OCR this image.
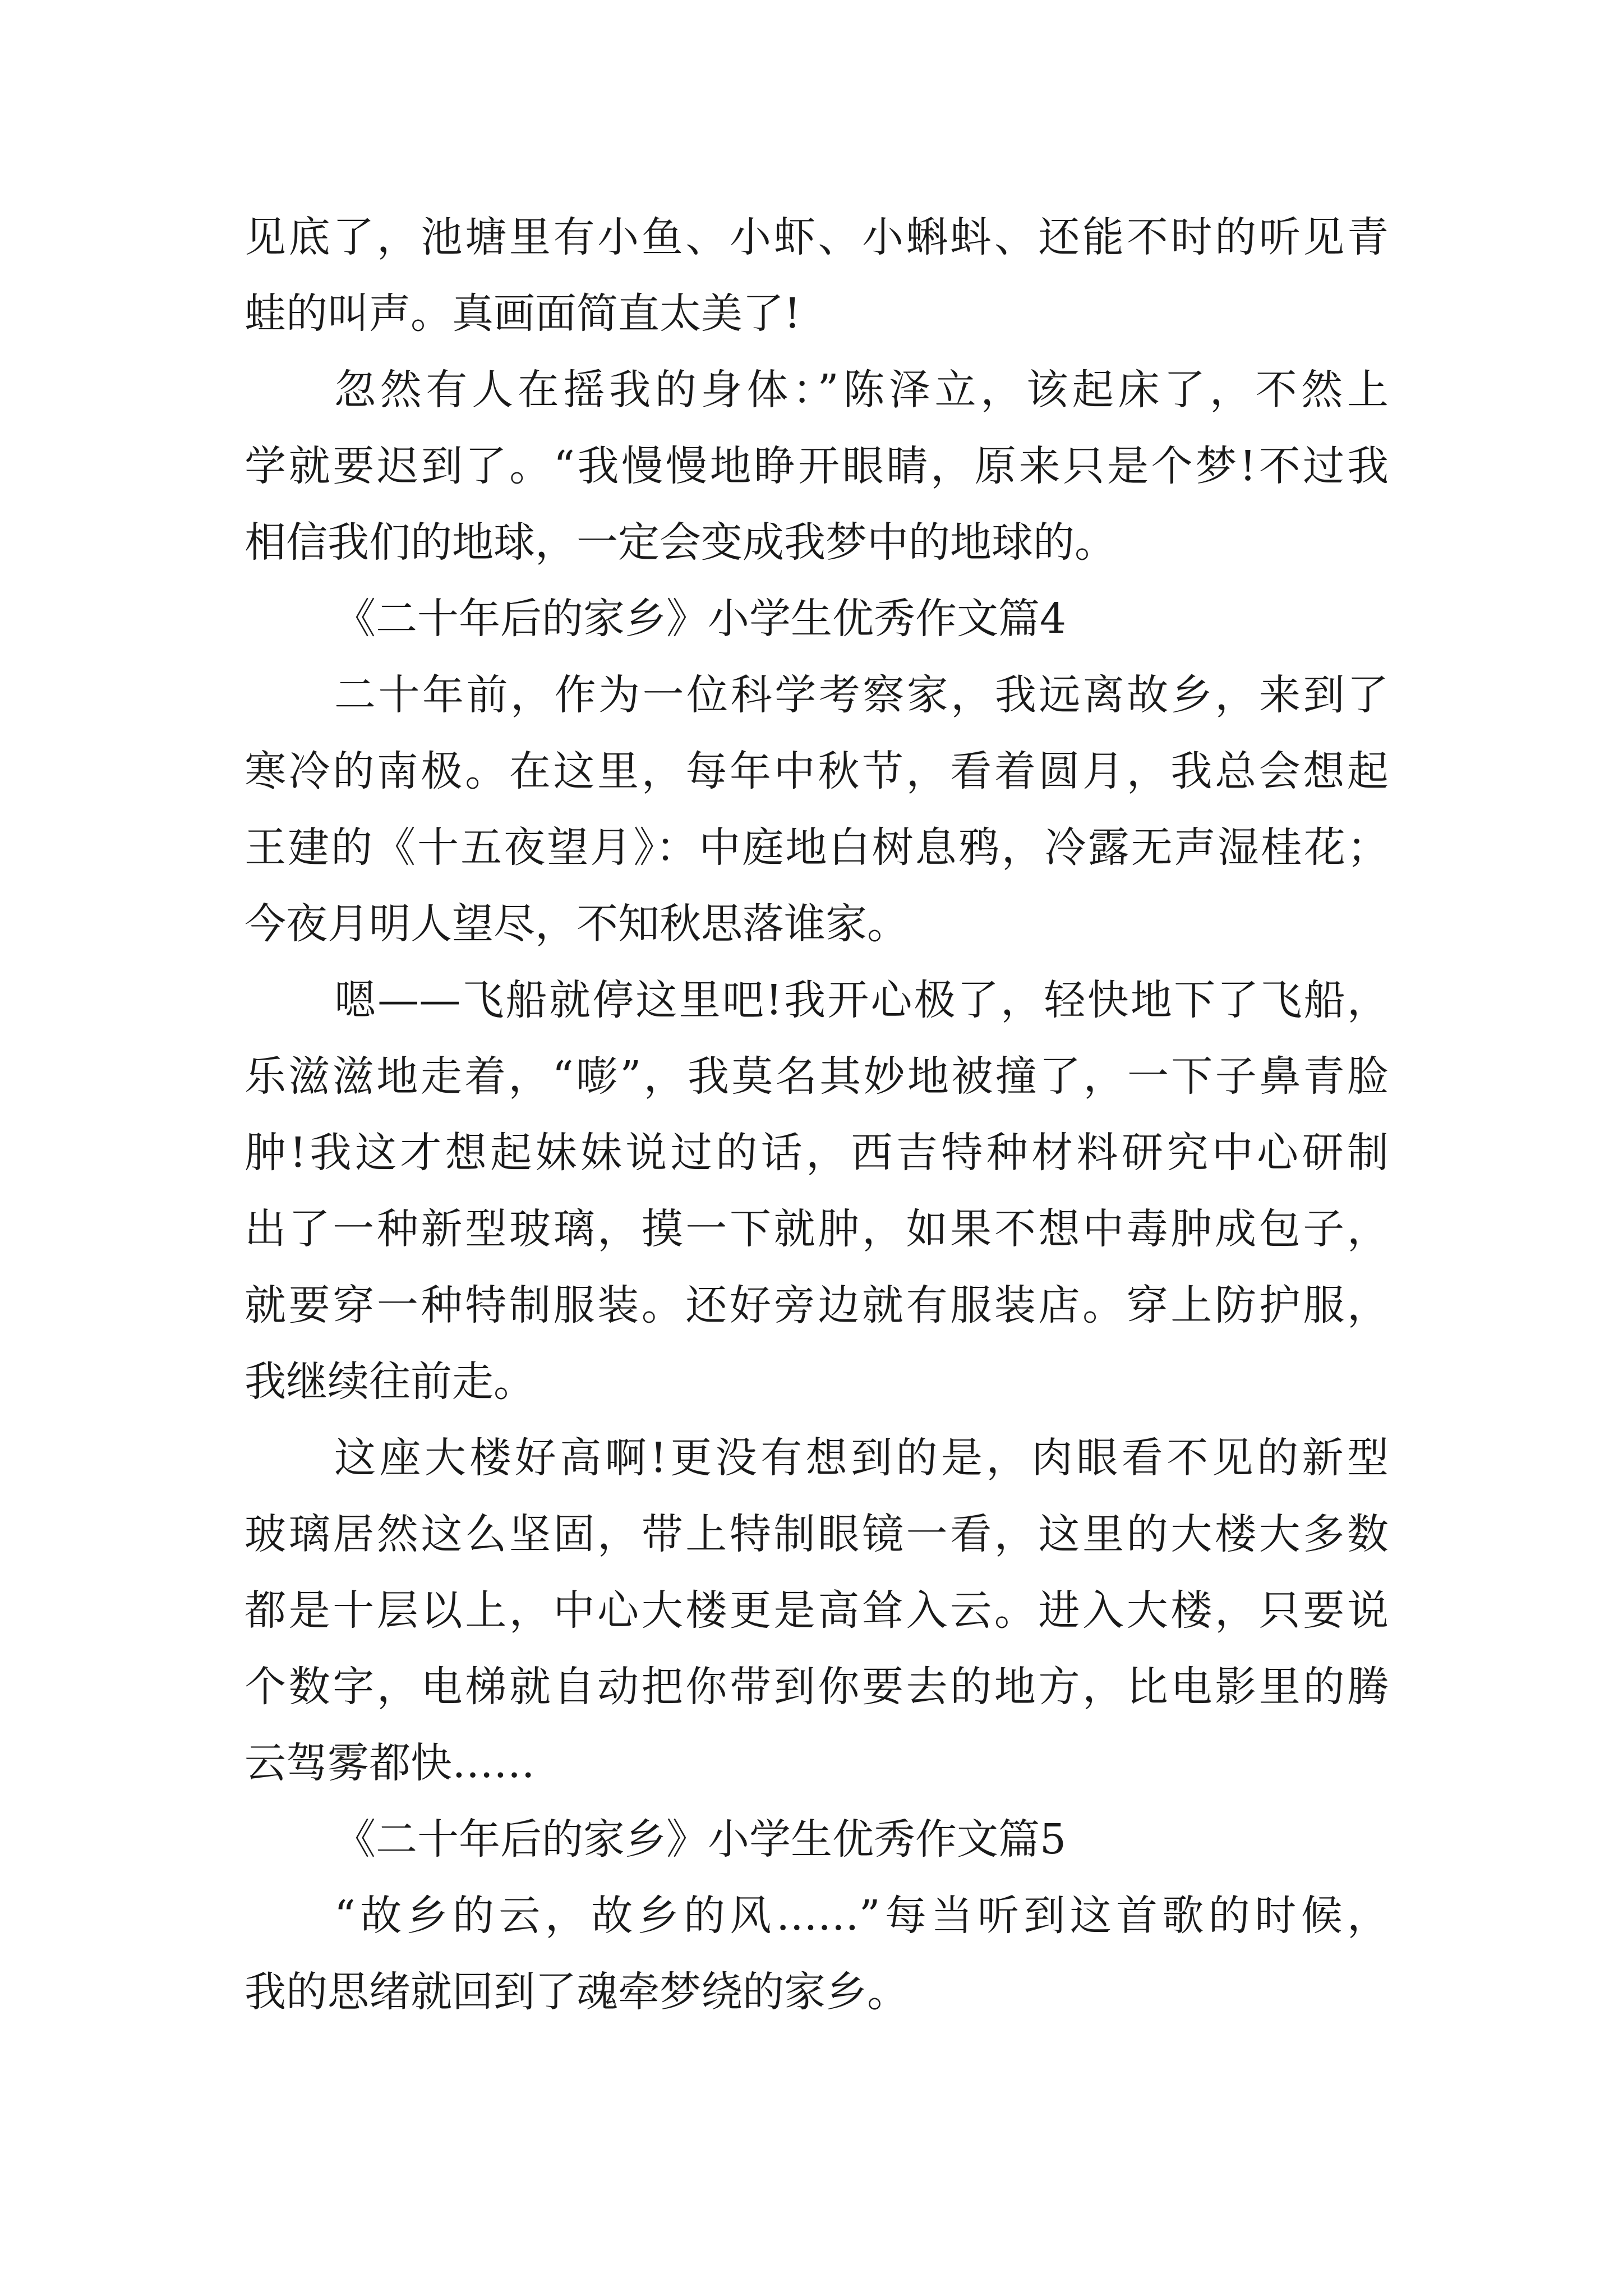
见底了，池塘里有小鱼、小虾、小蝌蚪、还能不时的听见青
蛙的叫声。真画面简直太美了!
忽然有人在摇我的身体：”陈泽立，该起床了，不然上
学就要迟到了。“我慢慢地睁开眼睛，原来只是个梦!不过我
相信我们的地球，一定会变成我梦中的地球的。
《二十年后的家乡》小学生优秀作文篇4
二十年前，作为一位科学考察家，我远离故乡，来到了
寒冷的南极。在这里，每年中秋节，看着圆月，我总会想起
王建的《十五夜望月》：中庭地白树息鸦，冷露无声湿桂花；
今夜月明人望尽，不知秋思落谁家。
嗯——飞船就停这里吧!我开心极了，轻快地下了飞船，
乐滋滋地走着，“嘭”，我莫名其妙地被撞了，一下子鼻青脸
肿!我这才想起妹妹说过的话，西吉特种材料研究中心研制
出了一种新型玻璃，摸一下就肿，如果不想中毒肿成包子，
就要穿一种特制服装。还好旁边就有服装店。穿上防护服，
我继续往前走。
这座大楼好高啊!更没有想到的是，肉眼看不见的新型
玻璃居然这么坚固，带上特制眼镜一看，这里的大楼大多数
都是十层以上，中心大楼更是高耸入云。进入大楼，只要说
个数字，电梯就自动把你带到你要去的地方，比电影里的腾
云驾雾都快……
《二十年后的家乡》小学生优秀作文篇5
“故乡的云，故乡的风……”每当听到这首歌的时候，
我的思绪就回到了魂牵梦绕的家乡。
